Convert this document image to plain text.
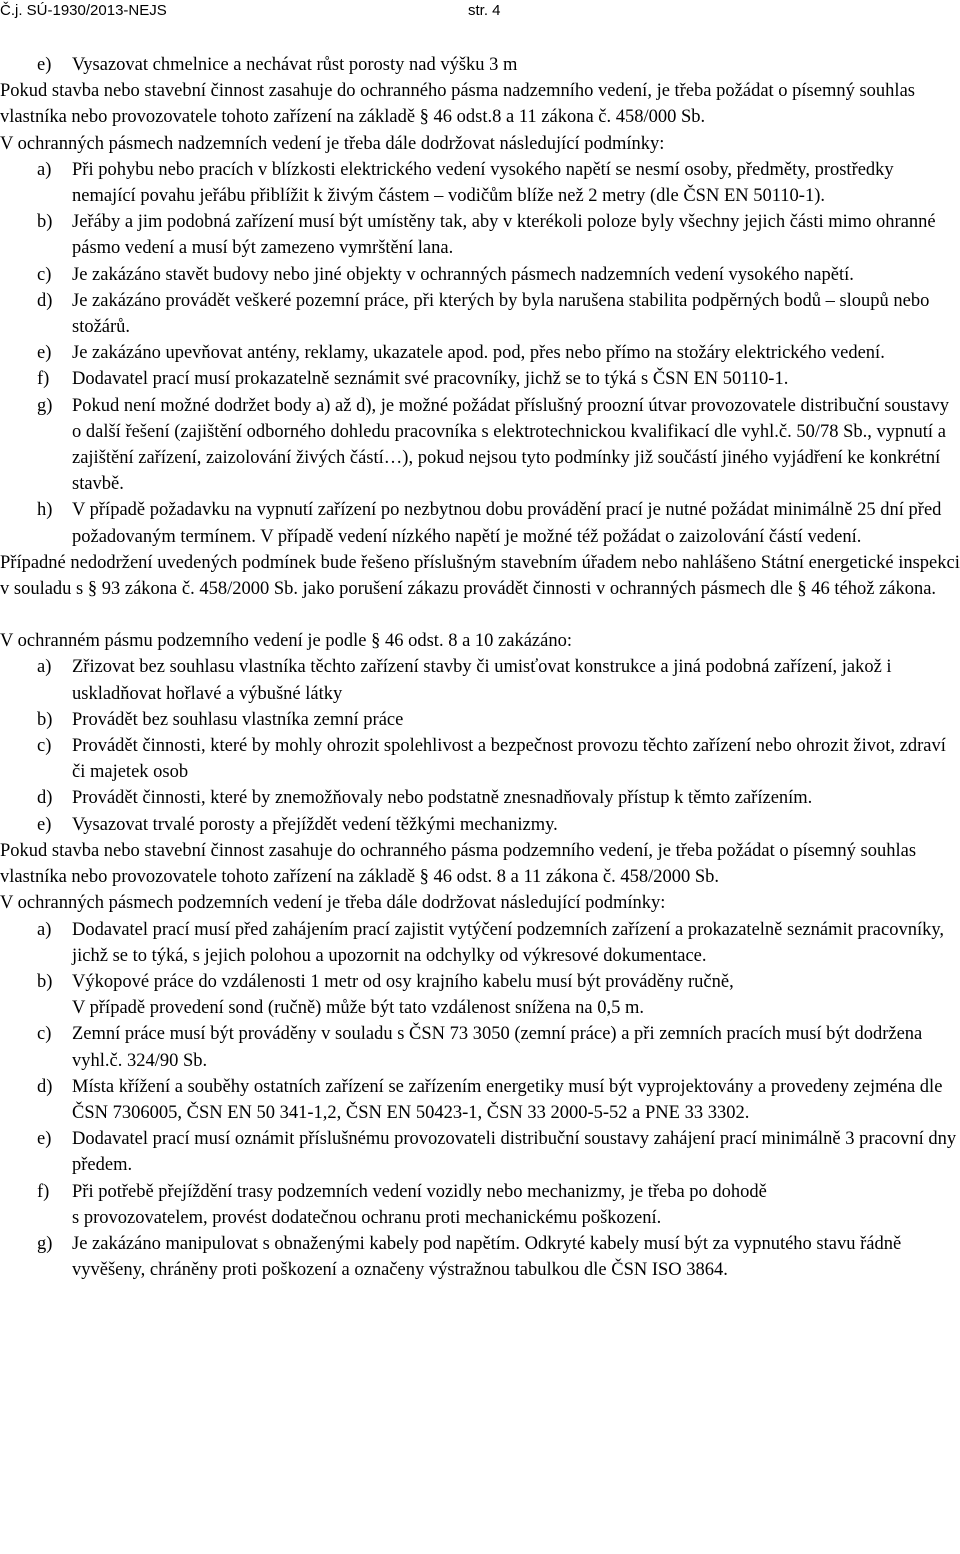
Č.j. SÚ-1930/2013-NEJS	str. 4
e) Vysazovat chmelnice a nechávat růst porosty nad výšku 3 m

Pokud stavba nebo stavební činnost zasahuje do ochranného pásma nadzemního vedení, je třeba požádat o písemný souhlas vlastníka nebo provozovatele tohoto zařízení na základě § 46 odst.8 a 11 zákona č. 458/000 Sb.

V ochranných pásmech nadzemních vedení je třeba dále dodržovat následující podmínky:

a) Při pohybu nebo pracích v blízkosti elektrického vedení vysokého napětí se nesmí osoby, předměty, prostředky nemající povahu jeřábu přiblížit k živým částem – vodičům blíže než 2 metry (dle ČSN EN 50110-1).
b) Jeřáby a jim podobná zařízení musí být umístěny tak, aby v kterékoli poloze byly všechny jejich části mimo ohranné pásmo vedení a musí být zamezeno vymrštění lana.
c) Je zakázáno stavět budovy nebo jiné objekty v ochranných pásmech nadzemních vedení vysokého napětí.
d) Je zakázáno provádět veškeré pozemní práce, při kterých by byla narušena stabilita podpěrných bodů – sloupů nebo stožárů.
e) Je zakázáno upevňovat antény, reklamy, ukazatele apod. pod, přes nebo přímo na stožáry elektrického vedení.
f) Dodavatel prací musí prokazatelně seznámit své pracovníky, jichž se to týká s ČSN EN 50110-1.
g) Pokud není možné dodržet body a) až d), je možné požádat příslušný proozní útvar provozovatele distribuční soustavy o další řešení (zajištění odborného dohledu pracovníka s elektrotechnickou kvalifikací dle vyhl.č. 50/78 Sb., vypnutí a zajištění zařízení, zaizolování živých částí…), pokud nejsou tyto podmínky již součástí jiného vyjádření ke konkrétní stavbě.
h) V případě požadavku na vypnutí zařízení po nezbytnou dobu provádění prací je nutné požádat minimálně 25 dní před požadovaným termínem. V případě vedení nízkého napětí je možné též požádat o zaizolování částí vedení.

Případné nedodržení uvedených podmínek bude řešeno příslušným stavebním úřadem nebo nahlášeno Státní energetické inspekci v souladu s § 93 zákona č. 458/2000 Sb. jako porušení zákazu provádět činnosti v ochranných pásmech dle § 46 téhož zákona.

V ochranném pásmu podzemního vedení je podle § 46 odst. 8 a 10 zakázáno:

a) Zřizovat bez souhlasu vlastníka těchto zařízení stavby či umisťovat konstrukce a jiná podobná zařízení, jakož i uskladňovat hořlavé a výbušné látky
b) Provádět bez souhlasu vlastníka zemní práce
c) Provádět činnosti, které by mohly ohrozit spolehlivost a bezpečnost provozu těchto zařízení nebo ohrozit život, zdraví či majetek osob
d) Provádět činnosti, které by znemožňovaly nebo podstatně znesnadňovaly přístup k těmto zařízením.
e) Vysazovat trvalé porosty a přejíždět vedení těžkými mechanizmy.

Pokud stavba nebo stavební činnost zasahuje do ochranného pásma podzemního vedení, je třeba požádat o písemný souhlas vlastníka nebo provozovatele tohoto zařízení na základě § 46 odst. 8 a 11 zákona č. 458/2000 Sb.

V ochranných pásmech podzemních vedení je třeba dále dodržovat následující podmínky:

a) Dodavatel prací musí před zahájením prací zajistit vytýčení podzemních zařízení a prokazatelně seznámit pracovníky, jichž se to týká, s jejich polohou a upozornit na odchylky od výkresové dokumentace.
b) Výkopové práce do vzdálenosti 1 metr od osy krajního kabelu musí být prováděny ručně,
V případě provedení sond (ručně) může být tato vzdálenost snížena na 0,5 m.
c) Zemní práce musí být prováděny v souladu s ČSN 73 3050 (zemní práce) a při zemních pracích musí být dodržena vyhl.č. 324/90 Sb.
d) Místa křížení a souběhy ostatních zařízení se zařízením energetiky musí být vyprojektovány a provedeny zejména dle ČSN 7306005, ČSN EN 50 341-1,2, ČSN EN 50423-1, ČSN 33 2000-5-52 a PNE 33 3302.
e) Dodavatel prací musí oznámit příslušnému provozovateli distribuční soustavy zahájení prací minimálně 3 pracovní dny předem.
f) Při potřebě přejíždění trasy podzemních vedení vozidly nebo mechanizmy, je třeba po dohodě
s provozovatelem, provést dodatečnou ochranu proti mechanickému poškození.
g) Je zakázáno manipulovat s obnaženými kabely pod napětím. Odkryté kabely musí být za vypnutého stavu řádně vyvěšeny, chráněny proti poškození a označeny výstražnou tabulkou dle ČSN ISO 3864.
